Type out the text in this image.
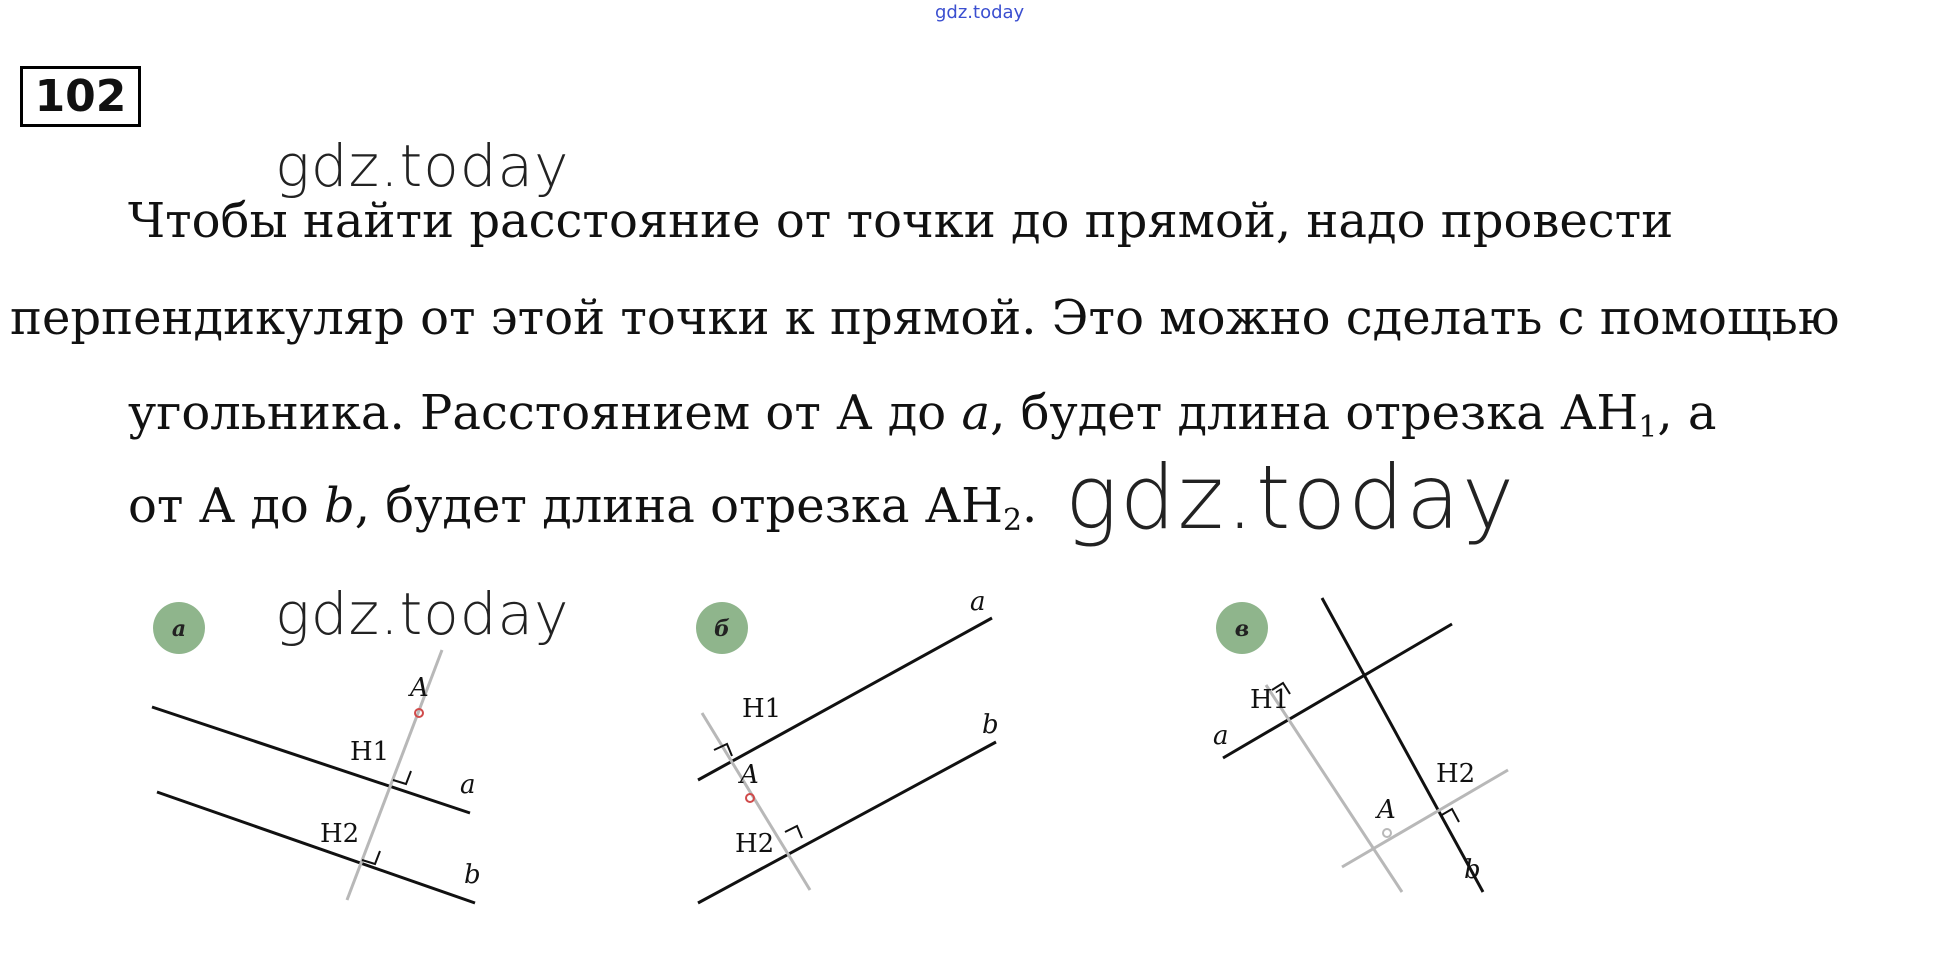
gdz.today
102
gdz.today
Чтобы найти расстояние от точки до прямой, надо провести
перпендикуляр от этой точки к прямой. Это можно сделать с помощью
угольника. Расстоянием от А до a, будет длина отрезка $АН_1$, а
от А до b, будет длина отрезка $АН_2$. gdz.today
а
A
H1
H2
a
b
б
A
H1
H2
a
b
в
A
H1
H2
a
b
gdz.today
